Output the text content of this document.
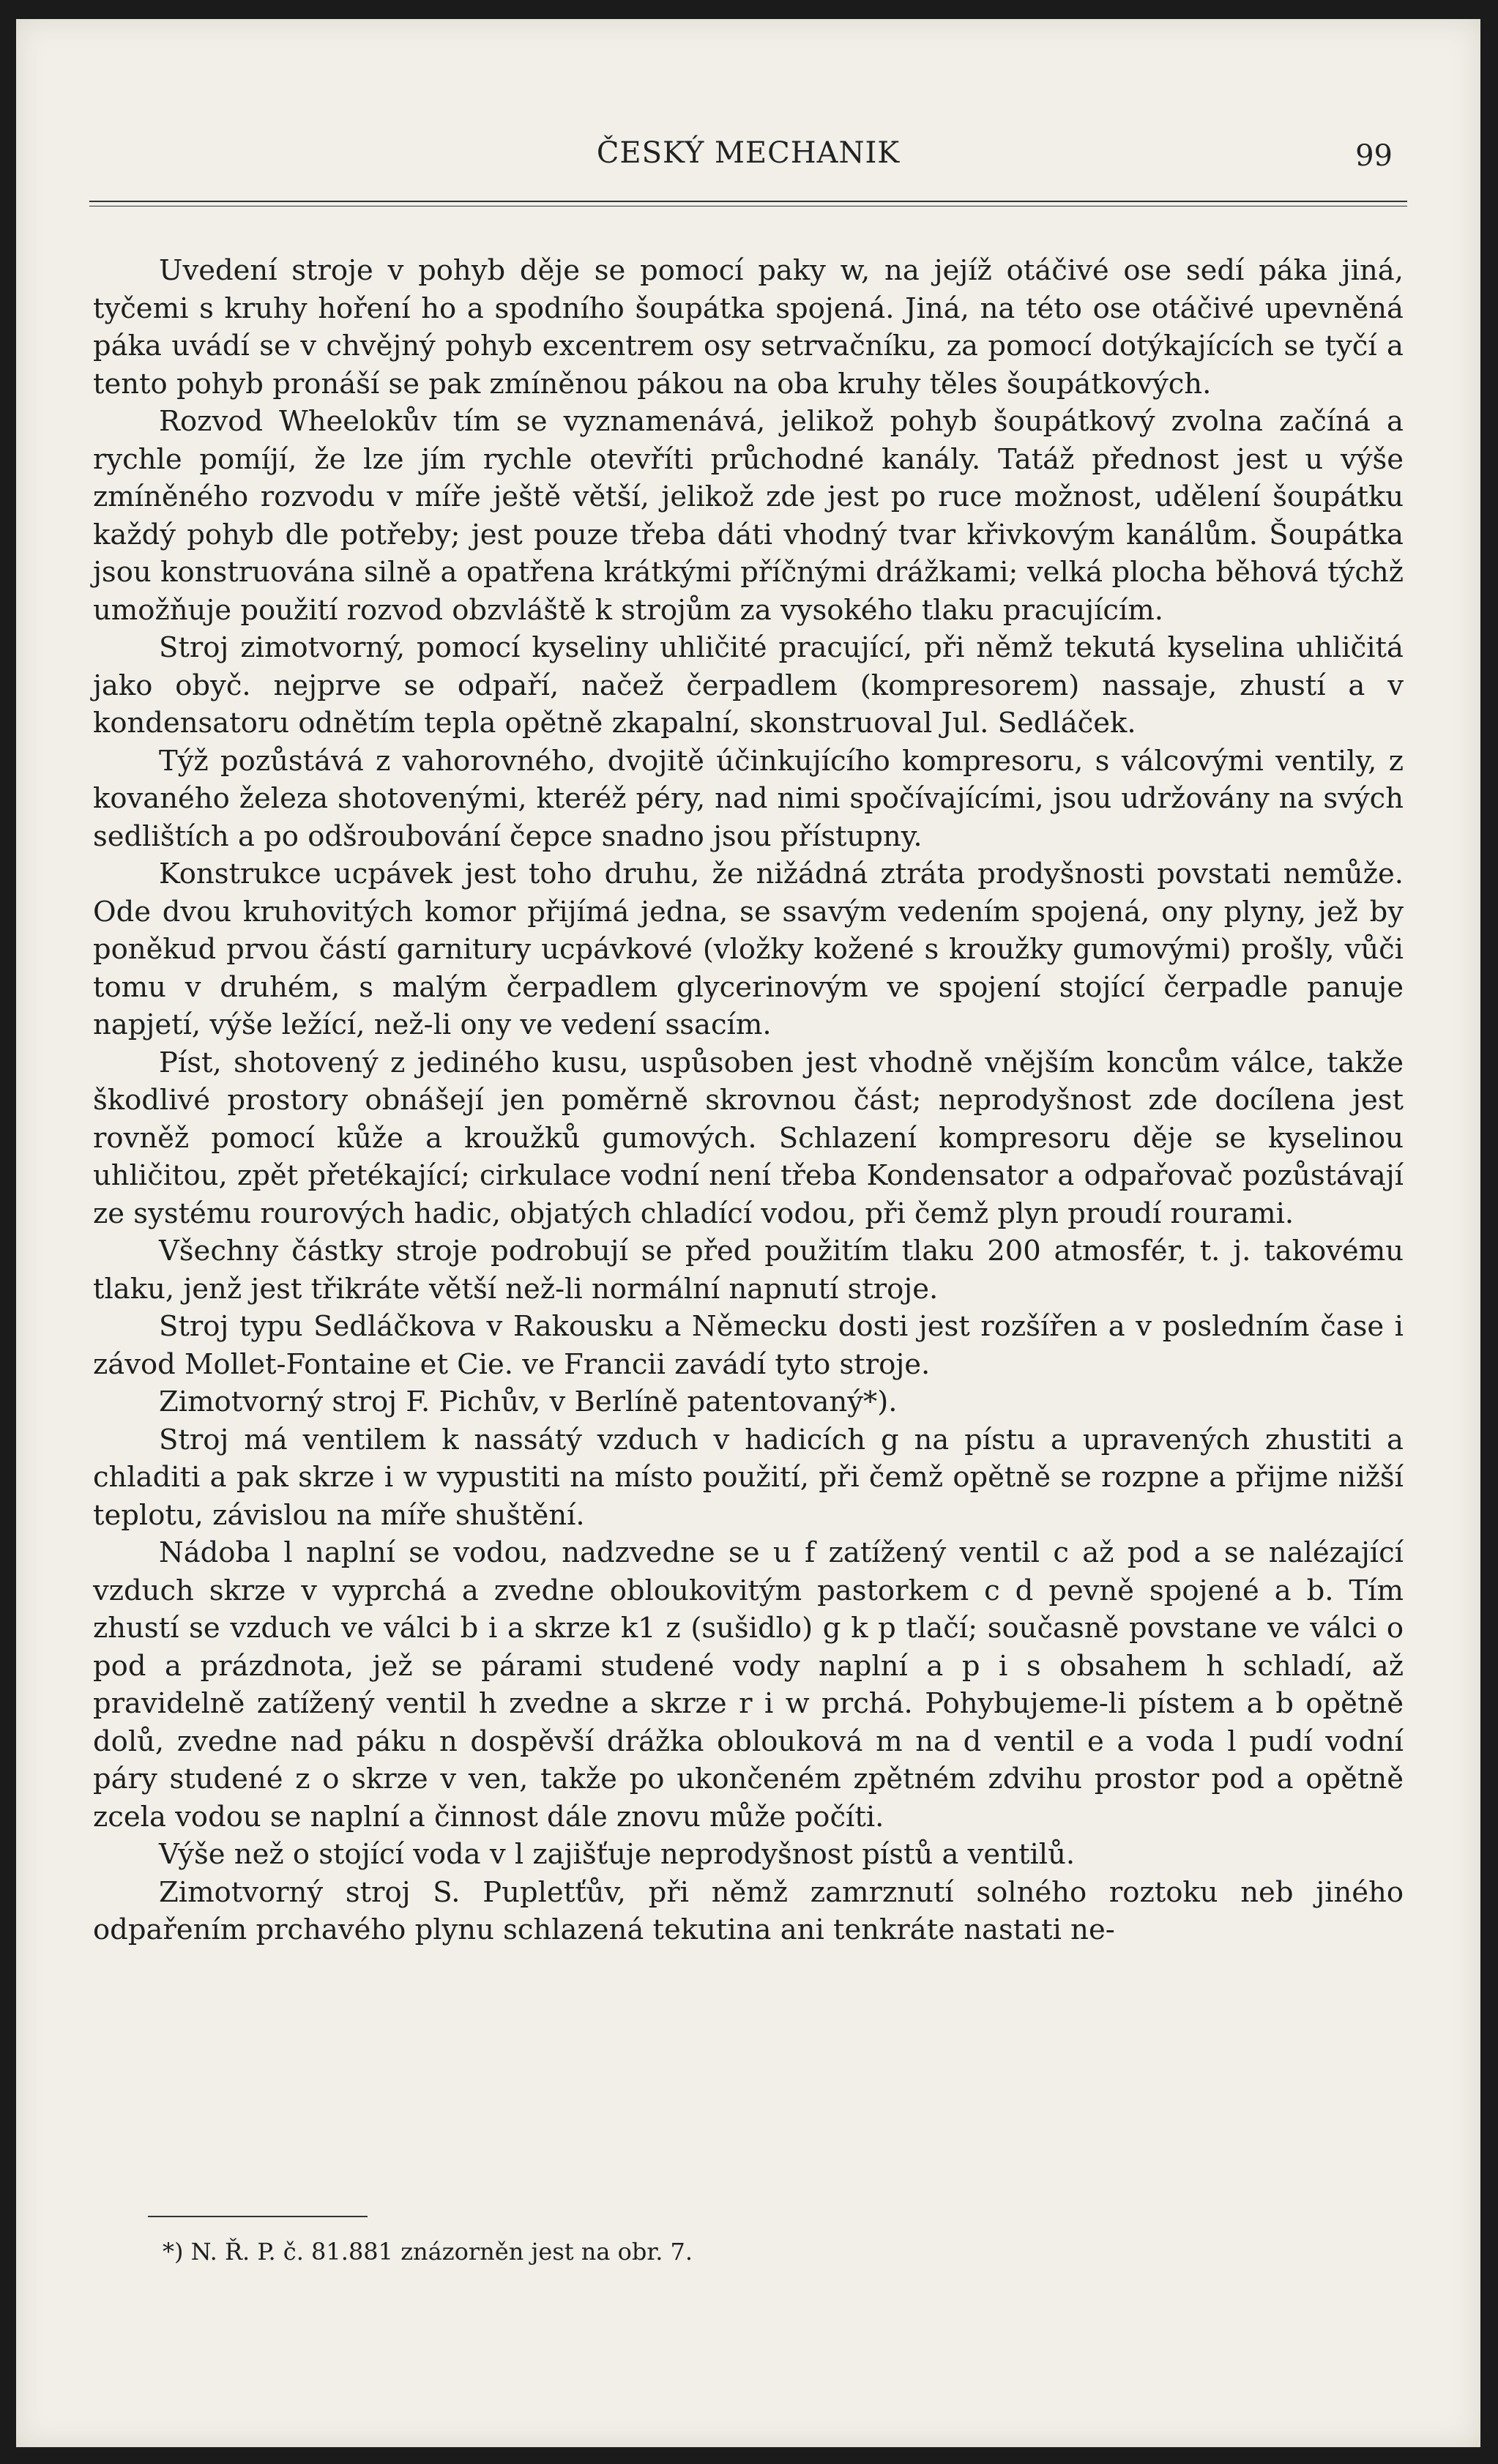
ČESKÝ MECHANIK	99

Uvedení stroje v pohyb děje se pomocí paky w, na jejíž otáčivé ose sedí páka jiná, tyčemi s kruhy hoření ho a spodního šoupátka spojená. Jiná, na této ose otáčivé upevněná páka uvádí se v chvějný pohyb excentrem osy setrvačníku, za pomocí dotýkajících se tyčí a tento pohyb pronáší se pak zmíněnou pákou na oba kruhy těles šoupátkových.

Rozvod Wheelokův tím se vyznamenává, jelikož pohyb šoupátkový zvolna začíná a rychle pomíjí, že lze jím rychle otevříti průchodné kanály. Tatáž přednost jest u výše zmíněného rozvodu v míře ještě větší, jelikož zde jest po ruce možnost, udělení šoupátku každý pohyb dle potřeby; jest pouze třeba dáti vhodný tvar křivkovým kanálům. Šoupátka jsou konstruována silně a opatřena krátkými příčnými drážkami; velká plocha běhová týchž umožňuje použití rozvod obzvláště k strojům za vysokého tlaku pracujícím.

Stroj zimotvorný, pomocí kyseliny uhličité pracující, při němž tekutá kyselina uhličitá jako obyč. nejprve se odpaří, načež čerpadlem (kompresorem) nassaje, zhustí a v kondensatoru odnětím tepla opětně zkapalní, skonstruoval Jul. Sedláček.

Týž pozůstává z vahorovného, dvojitě účinkujícího kompresoru, s válcovými ventily, z kovaného železa shotovenými, kteréž péry, nad nimi spočívajícími, jsou udržovány na svých sedlištích a po odšroubování čepce snadno jsou přístupny.

Konstrukce ucpávek jest toho druhu, že nižádná ztráta prodyšnosti povstati nemůže. Ode dvou kruhovitých komor přijímá jedna, se ssavým vedením spojená, ony plyny, jež by poněkud prvou částí garnitury ucpávkové (vložky kožené s kroužky gumovými) prošly, vůči tomu v druhém, s malým čerpadlem glycerinovým ve spojení stojící čerpadle panuje napjetí, výše ležící, než-li ony ve vedení ssacím.

Píst, shotovený z jediného kusu, uspůsoben jest vhodně vnějším koncům válce, takže škodlivé prostory obnášejí jen poměrně skrovnou část; neprodyšnost zde docílena jest rovněž pomocí kůže a kroužků gumových. Schlazení kompresoru děje se kyselinou uhličitou, zpět přetékající; cirkulace vodní není třeba Kondensator a odpařovač pozůstávají ze systému rourových hadic, objatých chladící vodou, při čemž plyn proudí rourami.

Všechny částky stroje podrobují se před použitím tlaku 200 atmosfér, t. j. takovému tlaku, jenž jest třikráte větší než-li normální napnutí stroje.

Stroj typu Sedláčkova v Rakousku a Německu dosti jest rozšířen a v posledním čase i závod Mollet-Fontaine et Cie. ve Francii zavádí tyto stroje.

Zimotvorný stroj F. Pichův, v Berlíně patentovaný*).

Stroj má ventilem k nassátý vzduch v hadicích g na pístu a upravených zhustiti a chladiti a pak skrze i w vypustiti na místo použití, při čemž opětně se rozpne a přijme nižší teplotu, závislou na míře shuštění.

Nádoba l naplní se vodou, nadzvedne se u f zatížený ventil c až pod a se nalézající vzduch skrze v vyprchá a zvedne obloukovitým pastorkem c d pevně spojené a b. Tím zhustí se vzduch ve válci b i a skrze k1 z (sušidlo) g k p tlačí; současně povstane ve válci o pod a prázdnota, jež se párami studené vody naplní a p i s obsahem h schladí, až pravidelně zatížený ventil h zvedne a skrze r i w prchá. Pohybujeme-li pístem a b opětně dolů, zvedne nad páku n dospěvší drážka oblouková m na d ventil e a voda l pudí vodní páry studené z o skrze v ven, takže po ukončeném zpětném zdvihu prostor pod a opětně zcela vodou se naplní a činnost dále znovu může počíti.

Výše než o stojící voda v l zajišťuje neprodyšnost pístů a ventilů.

Zimotvorný stroj S. Pupletťův, při němž zamrznutí solného roztoku neb jiného odpařením prchavého plynu schlazená tekutina ani tenkráte nastati ne-

*) N. Ř. P. č. 81.881 znázorněn jest na obr. 7.
